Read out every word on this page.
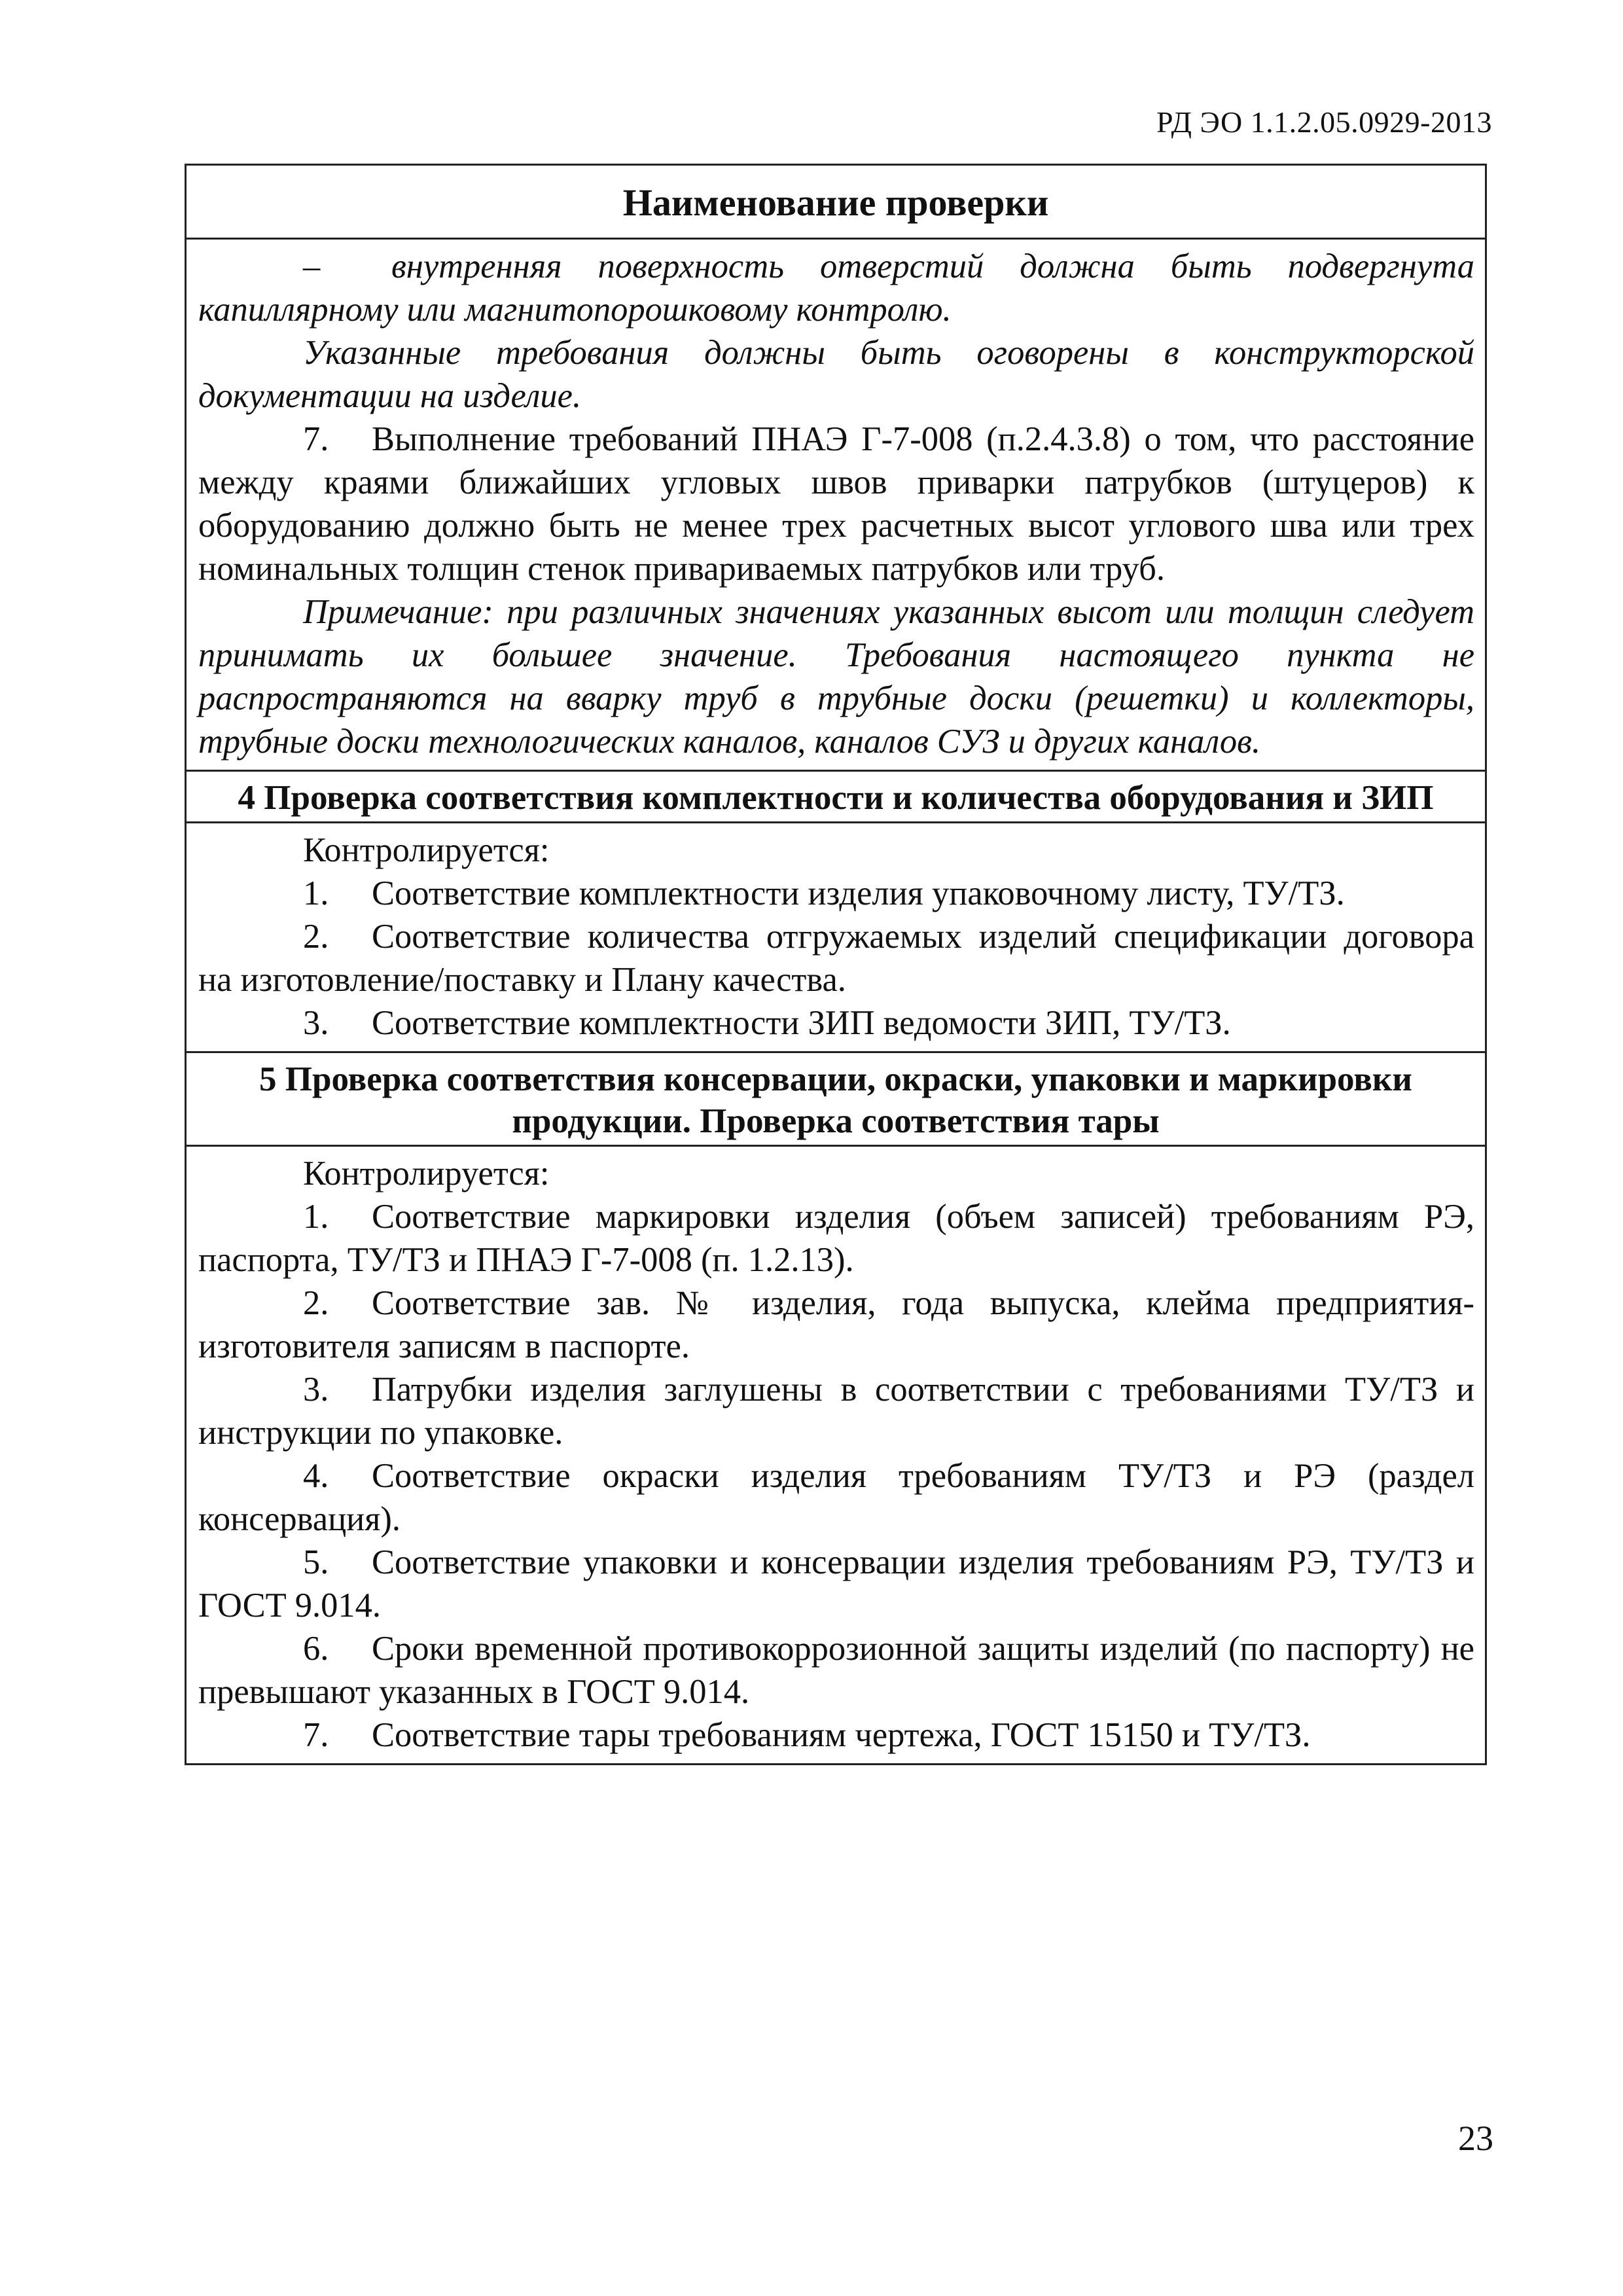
РД ЭО 1.1.2.05.0929-2013
Наименование проверки

– внутренняя поверхность отверстий должна быть подвергнута капиллярному или магнитопорошковому контролю.

Указанные требования должны быть оговорены в конструкторской документации на изделие.

7. Выполнение требований ПНАЭ Г-7-008 (п.2.4.3.8) о том, что расстояние между краями ближайших угловых швов приварки патрубков (штуцеров) к оборудованию должно быть не менее трех расчетных высот углового шва или трех номинальных толщин стенок привариваемых патрубков или труб.

Примечание: при различных значениях указанных высот или толщин следует принимать их большее значение. Требования настоящего пункта не распространяются на вварку труб в трубные доски (решетки) и коллекторы, трубные доски технологических каналов, каналов СУЗ и других каналов.

4 Проверка соответствия комплектности и количества оборудования и ЗИП

Контролируется:

1. Соответствие комплектности изделия упаковочному листу, ТУ/ТЗ.

2. Соответствие количества отгружаемых изделий спецификации договора на изготовление/поставку и Плану качества.

3. Соответствие комплектности ЗИП ведомости ЗИП, ТУ/ТЗ.

5 Проверка соответствия консервации, окраски, упаковки и маркировки продукции. Проверка соответствия тары

Контролируется:

1. Соответствие маркировки изделия (объем записей) требованиям РЭ, паспорта, ТУ/ТЗ и ПНАЭ Г-7-008 (п. 1.2.13).

2. Соответствие зав. № изделия, года выпуска, клейма предприятия-изготовителя записям в паспорте.

3. Патрубки изделия заглушены в соответствии с требованиями ТУ/ТЗ и инструкции по упаковке.

4. Соответствие окраски изделия требованиям ТУ/ТЗ и РЭ (раздел консервация).

5. Соответствие упаковки и консервации изделия требованиям РЭ, ТУ/ТЗ и ГОСТ 9.014.

6. Сроки временной противокоррозионной защиты изделий (по паспорту) не превышают указанных в ГОСТ 9.014.

7. Соответствие тары требованиям чертежа, ГОСТ 15150 и ТУ/ТЗ.

23
